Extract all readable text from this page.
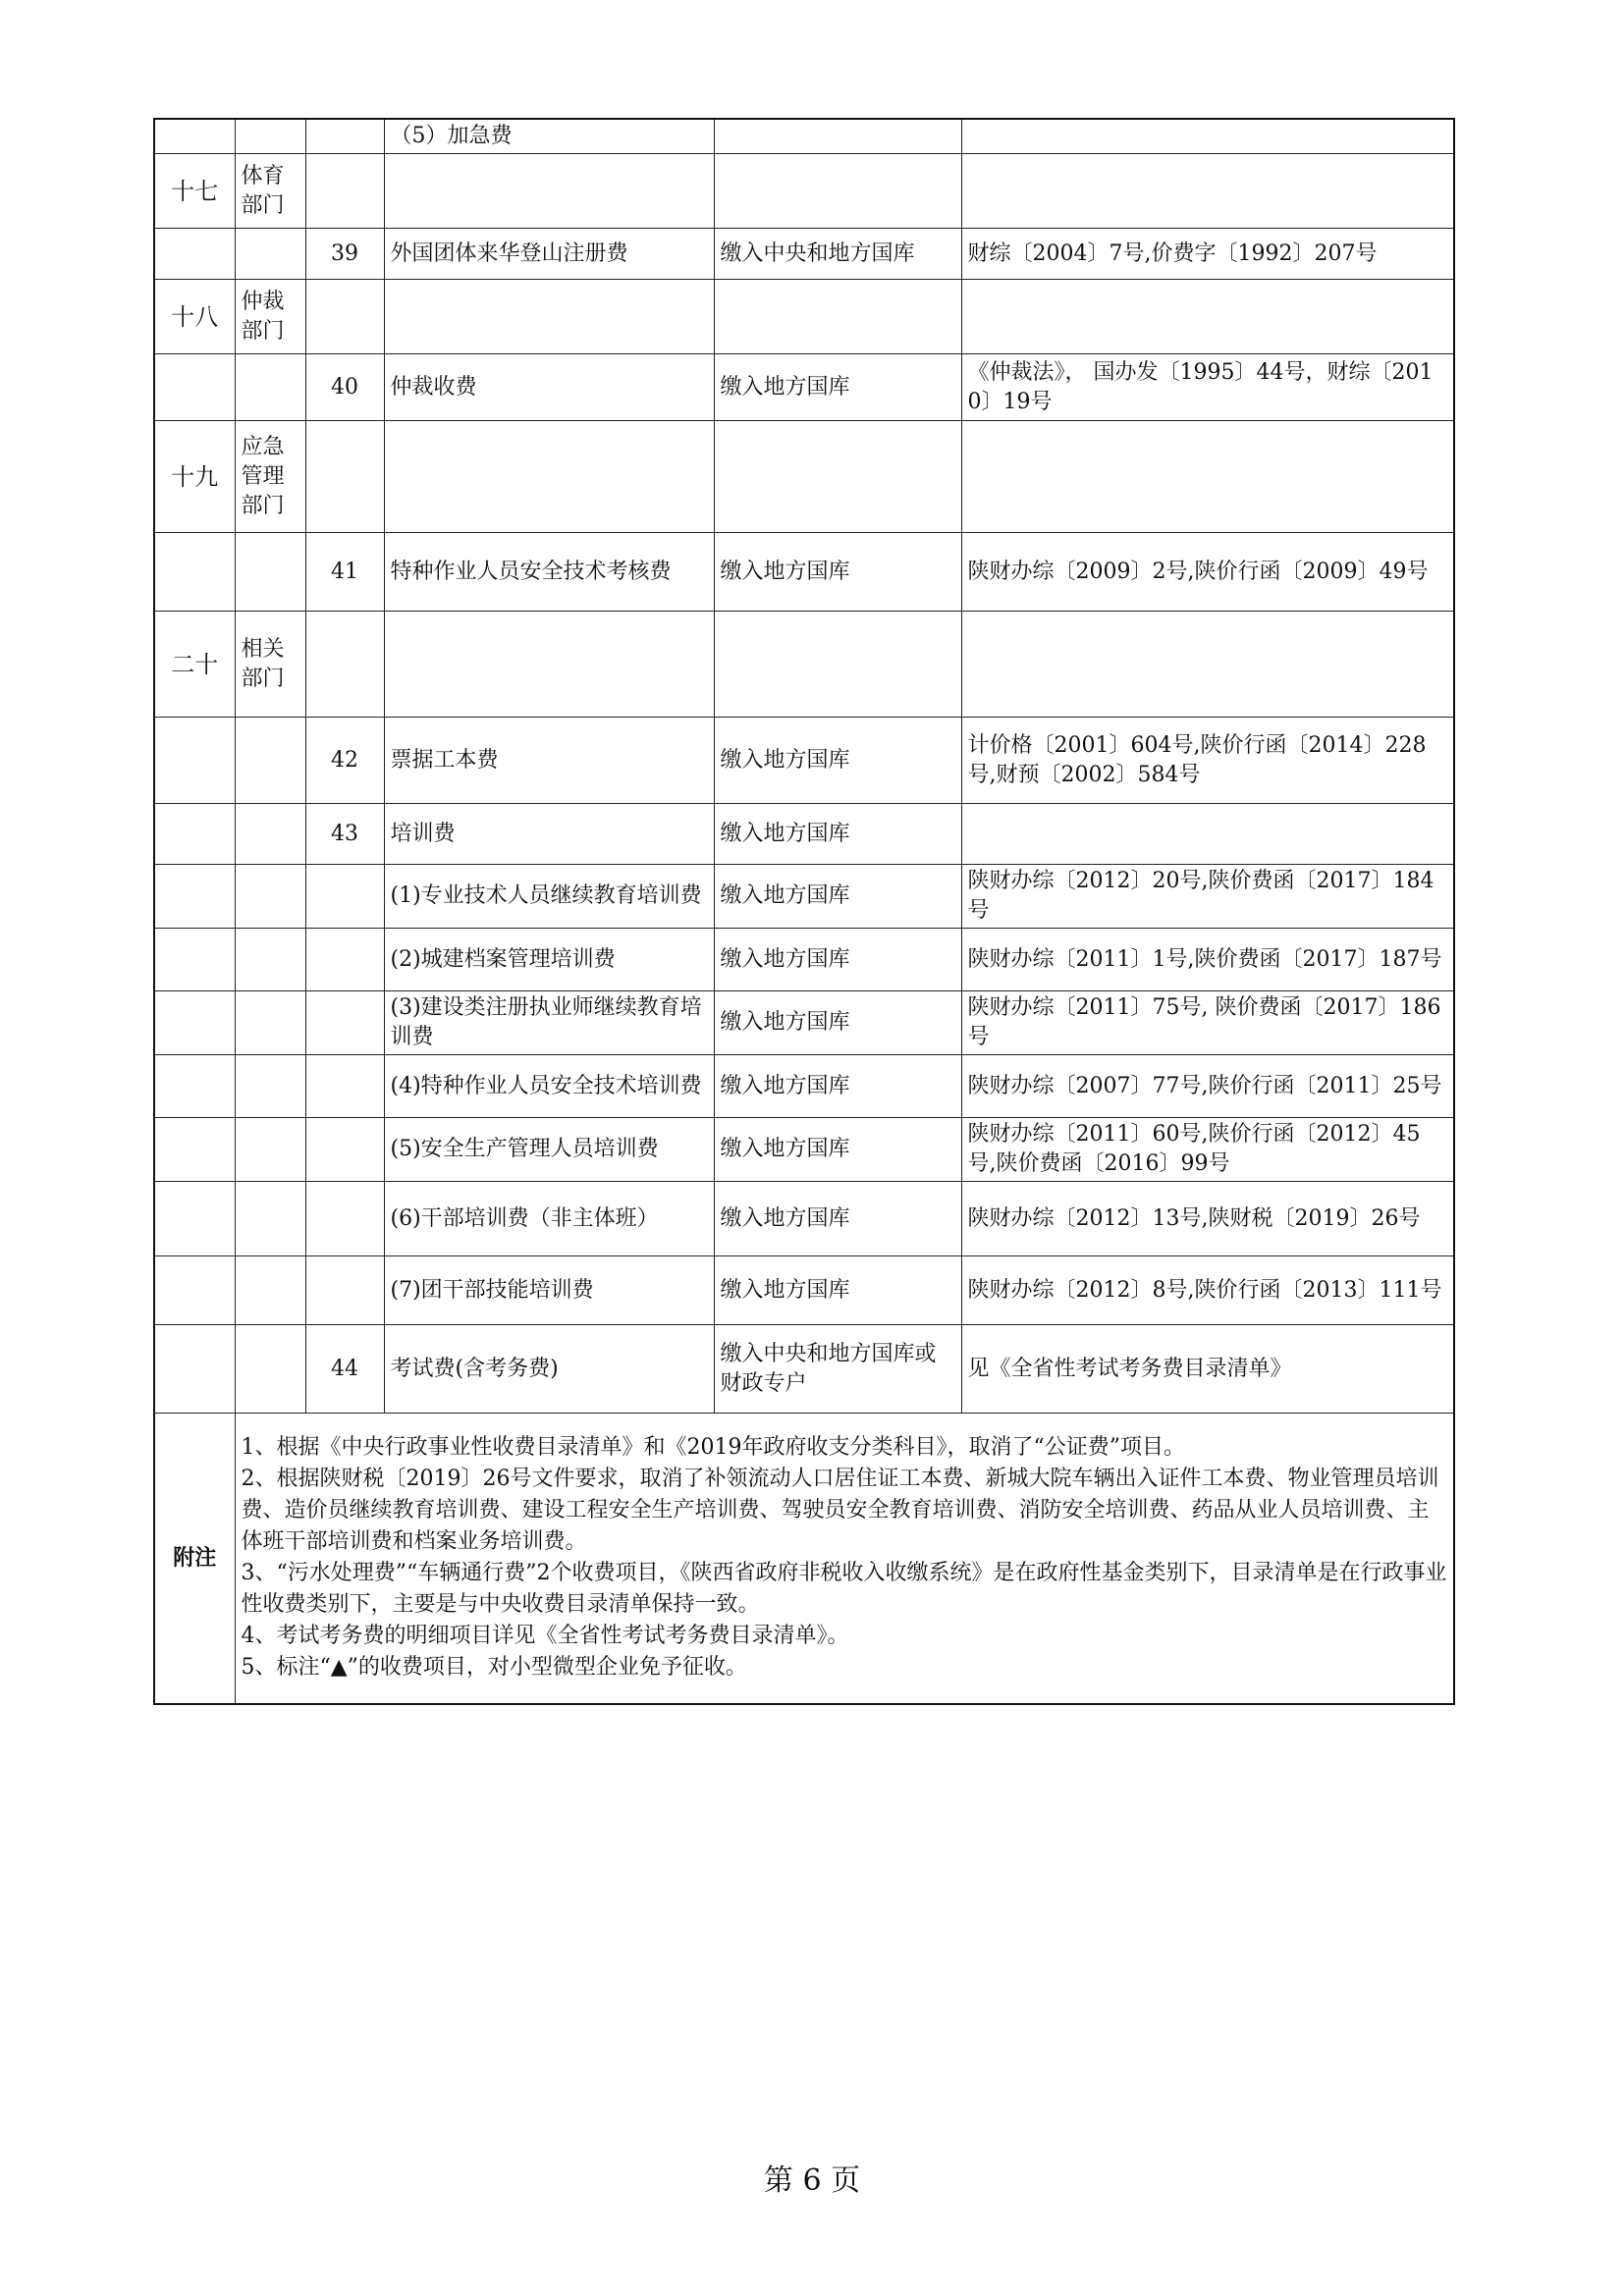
			（5）加急费		
十七	体育部门				
		39	外国团体来华登山注册费	缴入中央和地方国库	财综〔2004〕7号,价费字〔1992〕207号
十八	仲裁部门				
		40	仲裁收费	缴入地方国库	《仲裁法》， 国办发〔1995〕44号，财综〔2010〕19号
十九	应急管理部门				
		41	特种作业人员安全技术考核费	缴入地方国库	陕财办综〔2009〕2号,陕价行函〔2009〕49号
二十	相关部门				
		42	票据工本费	缴入地方国库	计价格〔2001〕604号,陕价行函〔2014〕228号,财预〔2002〕584号
		43	培训费	缴入地方国库	
			(1)专业技术人员继续教育培训费	缴入地方国库	陕财办综〔2012〕20号,陕价费函〔2017〕184号
			(2)城建档案管理培训费	缴入地方国库	陕财办综〔2011〕1号,陕价费函〔2017〕187号
			(3)建设类注册执业师继续教育培训费	缴入地方国库	陕财办综〔2011〕75号, 陕价费函〔2017〕186号
			(4)特种作业人员安全技术培训费	缴入地方国库	陕财办综〔2007〕77号,陕价行函〔2011〕25号
			(5)安全生产管理人员培训费	缴入地方国库	陕财办综〔2011〕60号,陕价行函〔2012〕45号,陕价费函〔2016〕99号
			(6)干部培训费（非主体班）	缴入地方国库	陕财办综〔2012〕13号,陕财税〔2019〕26号
			(7)团干部技能培训费	缴入地方国库	陕财办综〔2012〕8号,陕价行函〔2013〕111号
		44	考试费(含考务费)	缴入中央和地方国库或财政专户	见《全省性考试考务费目录清单》
附注	1、根据《中央行政事业性收费目录清单》和《2019年政府收支分类科目》，取消了“公证费”项目。
2、根据陕财税〔2019〕26号文件要求，取消了补领流动人口居住证工本费、新城大院车辆出入证件工本费、物业管理员培训费、造价员继续教育培训费、建设工程安全生产培训费、驾驶员安全教育培训费、消防安全培训费、药品从业人员培训费、主体班干部培训费和档案业务培训费。
3、“污水处理费”“车辆通行费”2个收费项目，《陕西省政府非税收入收缴系统》是在政府性基金类别下，目录清单是在行政事业性收费类别下，主要是与中央收费目录清单保持一致。
4、考试考务费的明细项目详见《全省性考试考务费目录清单》。
5、标注“▲”的收费项目，对小型微型企业免予征收。				
第 6 页
